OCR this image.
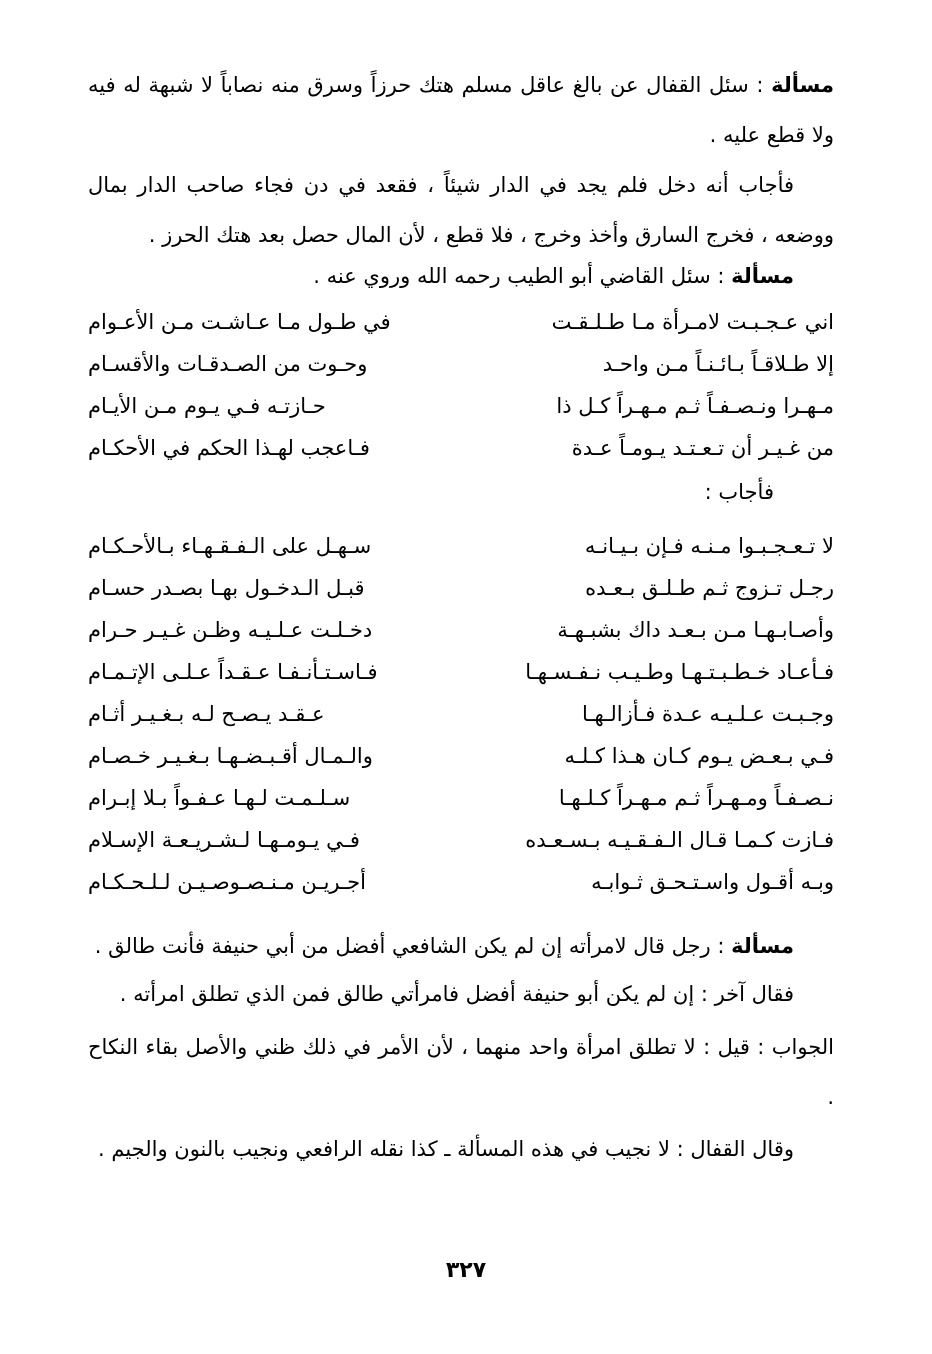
مسألة : سئل القفال عن بالغ عاقل مسلم هتك حرزاً وسرق منه نصاباً لا شبهة له فيه ولا قطع عليه .

فأجاب أنه دخل فلم يجد في الدار شيئاً ، فقعد في دن فجاء صاحب الدار بمال ووضعه ، فخرج السارق وأخذ وخرج ، فلا قطع ، لأن المال حصل بعد هتك الحرز .

مسألة : سئل القاضي أبو الطيب رحمه الله وروي عنه .

اني عـجـبـت لامـرأة مـا طـلـقـت
في طـول مـا عـاشـت مـن الأعـوام
إلا طـلاقـاً بـائـنـاً مـن واحـد
وحـوت من الصـدقـات والأقسـام
مـهـرا ونـصـفـاً ثـم مـهـراً كـل ذا
حـازتـه فـي يـوم مـن الأيـام
من غـيـر أن تـعـتـد يـومـاً عـدة
فـاعجب لهـذا الحكم في الأحكـام
فأجاب :
لا تـعـجـبـوا مـنـه فـإن بـيـانـه
سـهـل على الـفـقـهـاء بـالأحـكـام
رجـل تـزوج ثـم طـلـق بـعـده
قبـل الـدخـول بهـا بصـدر حسـام
وأصـابـهـا مـن بـعـد داك بشبـهـة
دخـلـت عـلـيـه وظـن غـيـر حـرام
فـأعـاد خـطـبـتـهـا وطـيـب نـفـسـهـا
فـاسـتـأنـفـا عـقـداً عـلـى الإتـمـام
وجـبـت عـلـيـه عـدة فـأزالـهـا
عـقـد يـصـح لـه بـغـيـر أثـام
فـي بـعـض يـوم كـان هـذا كـلـه
والـمـال أقـبـضـهـا بـغـيـر خـصـام
نـصـفـاً ومـهـراً ثـم مـهـراً كـلـهـا
سـلـمـت لـهـا عـفـواً بـلا إبـرام
فـازت كـمـا قـال الـفـقـيـه بـسـعـده
فـي يـومـهـا لـشـريـعـة الإسـلام
وبـه أقـول واسـتـحـق ثـوابـه
أجـريـن مـنـصـوصـيـن لـلـحـكـام

مسألة : رجل قال لامرأته إن لم يكن الشافعي أفضل من أبي حنيفة فأنت طالق .

فقال آخر : إن لم يكن أبو حنيفة أفضل فامرأتي طالق فمن الذي تطلق امرأته .

الجواب : قيل : لا تطلق امرأة واحد منهما ، لأن الأمر في ذلك ظني والأصل بقاء النكاح .

وقال القفال : لا نجيب في هذه المسألة ـ كذا نقله الرافعي ونجيب بالنون والجيم .

٣٢٧
